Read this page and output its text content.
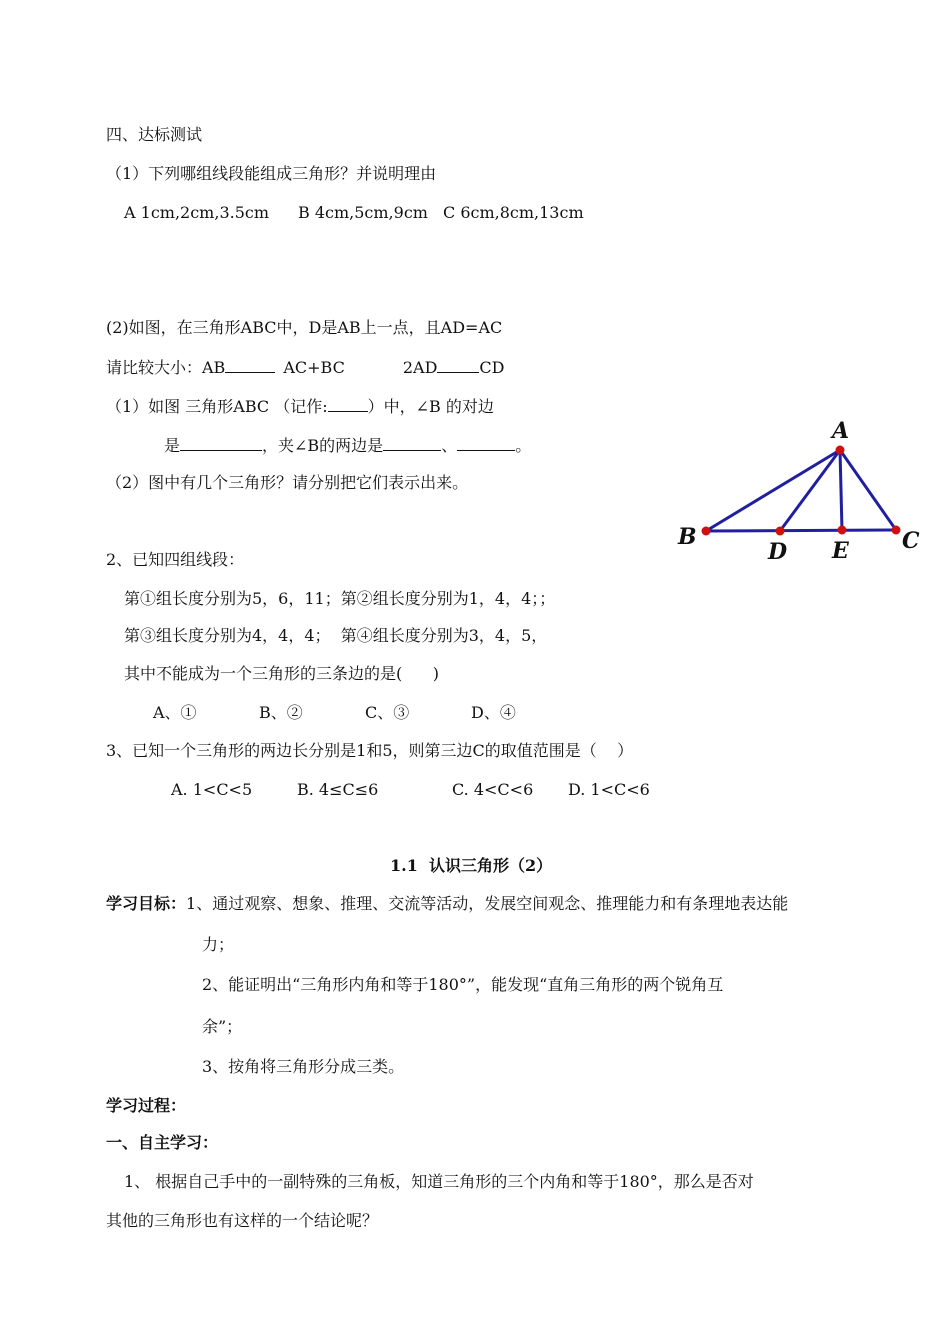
四、达标测试
（1）下列哪组线段能组成三角形？并说明理由
A 1cm,2cm,3.5cm B 4cm,5cm,9cm C 6cm,8cm,13cm
(2)如图，在三角形ABC中，D是AB上一点，且AD=AC
请比较大小：AB	AC+BC	2AD	CD
（1）如图 三角形ABC （记作:	）中，∠B 的对边
是	，夹∠B的两边是	、	。
（2）图中有几个三角形？请分别把它们表示出来。
2、已知四组线段：
第①组长度分别为5，6，11；第②组长度分别为1，4，4；；
第③组长度分别为4，4，4；  第④组长度分别为3，4，5，
其中不能成为一个三角形的三条边的是(      )
A、①	B、②	C、③	D、④
3、已知一个三角形的两边长分别是1和5，则第三边C的取值范围是（    ）
A. 1<C<5	B. 4≤C≤6	C. 4<C<6 D. 1<C<6
A
B	C
D E
1.1  认识三角形（2）
学习目标：1、通过观察、想象、推理、交流等活动，发展空间观念、推理能力和有条理地表达能
力；
2、能证明出“三角形内角和等于180°”，能发现“直角三角形的两个锐角互
余”；
3、按角将三角形分成三类。
学习过程：
一、自主学习：
1、 根据自己手中的一副特殊的三角板，知道三角形的三个内角和等于180°，那么是否对
其他的三角形也有这样的一个结论呢？
